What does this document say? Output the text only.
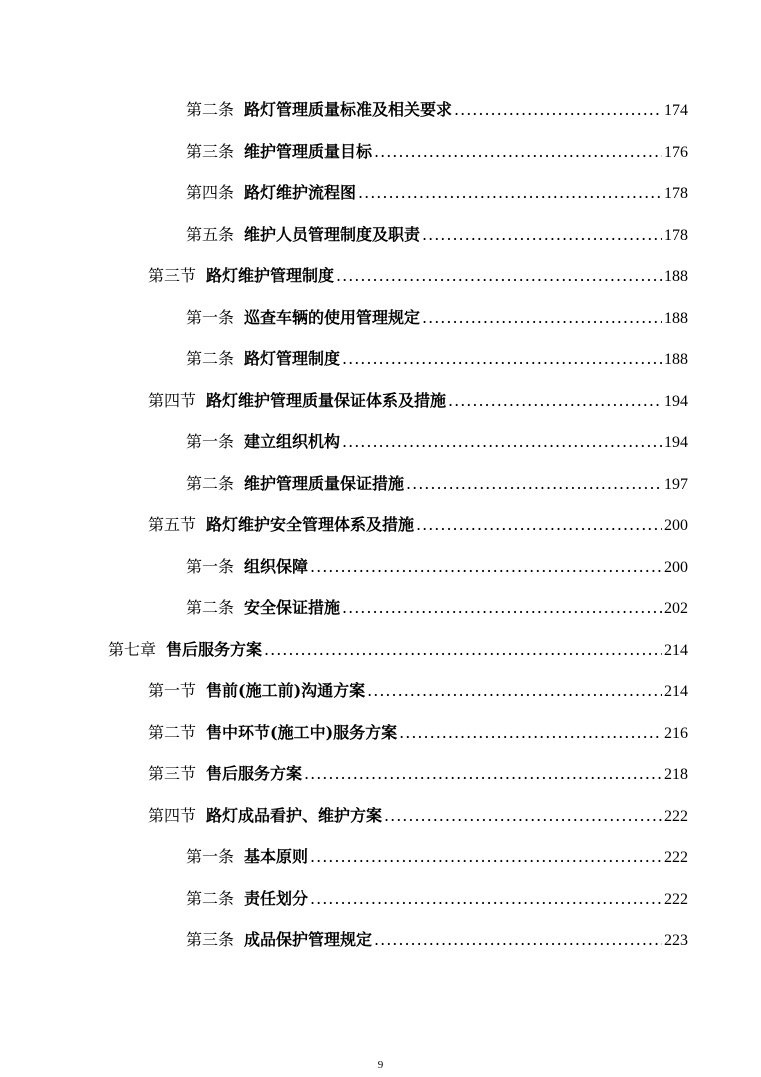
第二条 路灯管理质量标准及相关要求 .....	174
第三条 维护管理质量目标 .....	176
第四条 路灯维护流程图 .....	178
第五条 维护人员管理制度及职责 .....	178
第三节 路灯维护管理制度 .....	188
第一条 巡查车辆的使用管理规定 .....	188
第二条 路灯管理制度 .....	188
第四节 路灯维护管理质量保证体系及措施 .....	194
第一条 建立组织机构 .....	194
第二条 维护管理质量保证措施 .....	197
第五节 路灯维护安全管理体系及措施 .....	200
第一条 组织保障 .....	200
第二条 安全保证措施 .....	202
第七章 售后服务方案 .....	214
第一节 售前(施工前)沟通方案 .....	214
第二节 售中环节(施工中)服务方案 .....	216
第三节 售后服务方案 .....	218
第四节 路灯成品看护、维护方案 .....	222
第一条 基本原则 .....	222
第二条 责任划分 .....	222
第三条 成品保护管理规定 .....	223
9
